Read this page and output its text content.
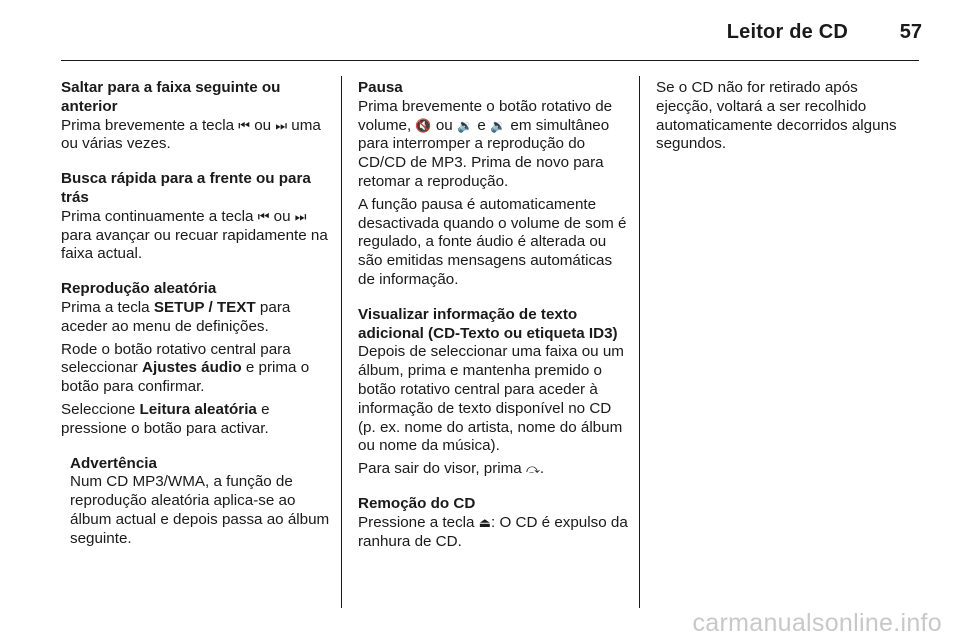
Leitor de CD	57
Saltar para a faixa seguinte ou anterior
Prima brevemente a tecla ⏮ ou ⏭ uma ou várias vezes.
Busca rápida para a frente ou para trás
Prima continuamente a tecla ⏮ ou ⏭ para avançar ou recuar rapidamente na faixa actual.
Reprodução aleatória
Prima a tecla SETUP / TEXT para aceder ao menu de definições.
Rode o botão rotativo central para seleccionar Ajustes áudio e prima o botão para confirmar.
Seleccione Leitura aleatória e pressione o botão para activar.
Advertência
Num CD MP3/WMA, a função de reprodução aleatória aplica-se ao álbum actual e depois passa ao álbum seguinte.
Pausa
Prima brevemente o botão rotativo de volume, 🔇 ou 🔉 e 🔉 em simultâneo para interromper a reprodução do CD/CD de MP3. Prima de novo para retomar a reprodução.
A função pausa é automaticamente desactivada quando o volume de som é regulado, a fonte áudio é alterada ou são emitidas mensagens automáticas de informação.
Visualizar informação de texto adicional (CD-Texto ou etiqueta ID3)
Depois de seleccionar uma faixa ou um álbum, prima e mantenha premido o botão rotativo central para aceder à informação de texto disponível no CD (p. ex. nome do artista, nome do álbum ou nome da música).
Para sair do visor, prima ⤼.
Remoção do CD
Pressione a tecla ⏏: O CD é expulso da ranhura de CD.
Se o CD não for retirado após ejecção, voltará a ser recolhido automaticamente decorridos alguns segundos.
carmanualsonline.info
